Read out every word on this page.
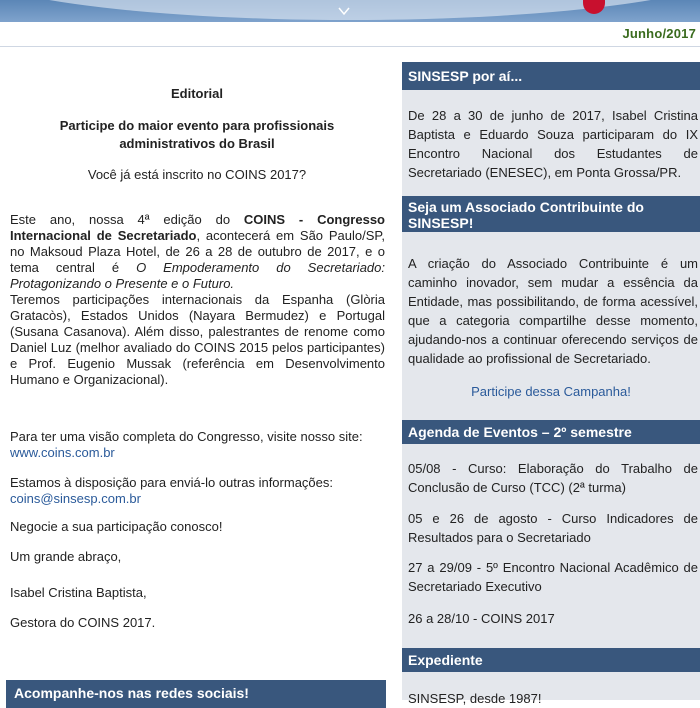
Junho/2017

Editorial

Participe do maior evento para profissionais administrativos do Brasil

Você já está inscrito no COINS 2017?

Este ano, nossa 4ª edição do COINS - Congresso Internacional de Secretariado, acontecerá em São Paulo/SP, no Maksoud Plaza Hotel, de 26 a 28 de outubro de 2017, e o tema central é O Empoderamento do Secretariado: Protagonizando o Presente e o Futuro.

Teremos participações internacionais da Espanha (Glòria Gratacòs), Estados Unidos (Nayara Bermudez) e Portugal (Susana Casanova). Além disso, palestrantes de renome como Daniel Luz (melhor avaliado do COINS 2015 pelos participantes) e Prof. Eugenio Mussak (referência em Desenvolvimento Humano e Organizacional).

Para ter uma visão completa do Congresso, visite nosso site:
www.coins.com.br

Estamos à disposição para enviá-lo outras informações:
coins@sinsesp.com.br

Negocie a sua participação conosco!

Um grande abraço,

Isabel Cristina Baptista,

Gestora do COINS 2017.

Acompanhe-nos nas redes sociais!
SINSESP por aí...

De 28 a 30 de junho de 2017, Isabel Cristina Baptista e Eduardo Souza participaram do IX Encontro Nacional dos Estudantes de Secretariado (ENESEC), em Ponta Grossa/PR.

Seja um Associado Contribuinte do SINSESP!

A criação do Associado Contribuinte é um caminho inovador, sem mudar a essência da Entidade, mas possibilitando, de forma acessível, que a categoria compartilhe desse momento, ajudando-nos a continuar oferecendo serviços de qualidade ao profissional de Secretariado.

Participe dessa Campanha!

Agenda de Eventos – 2º semestre

05/08 - Curso: Elaboração do Trabalho de Conclusão de Curso (TCC) (2ª turma)

05 e 26 de agosto - Curso Indicadores de Resultados para o Secretariado

27 a 29/09 - 5º Encontro Nacional Acadêmico de Secretariado Executivo

26 a 28/10 - COINS 2017

Expediente

SINSESP, desde 1987!
